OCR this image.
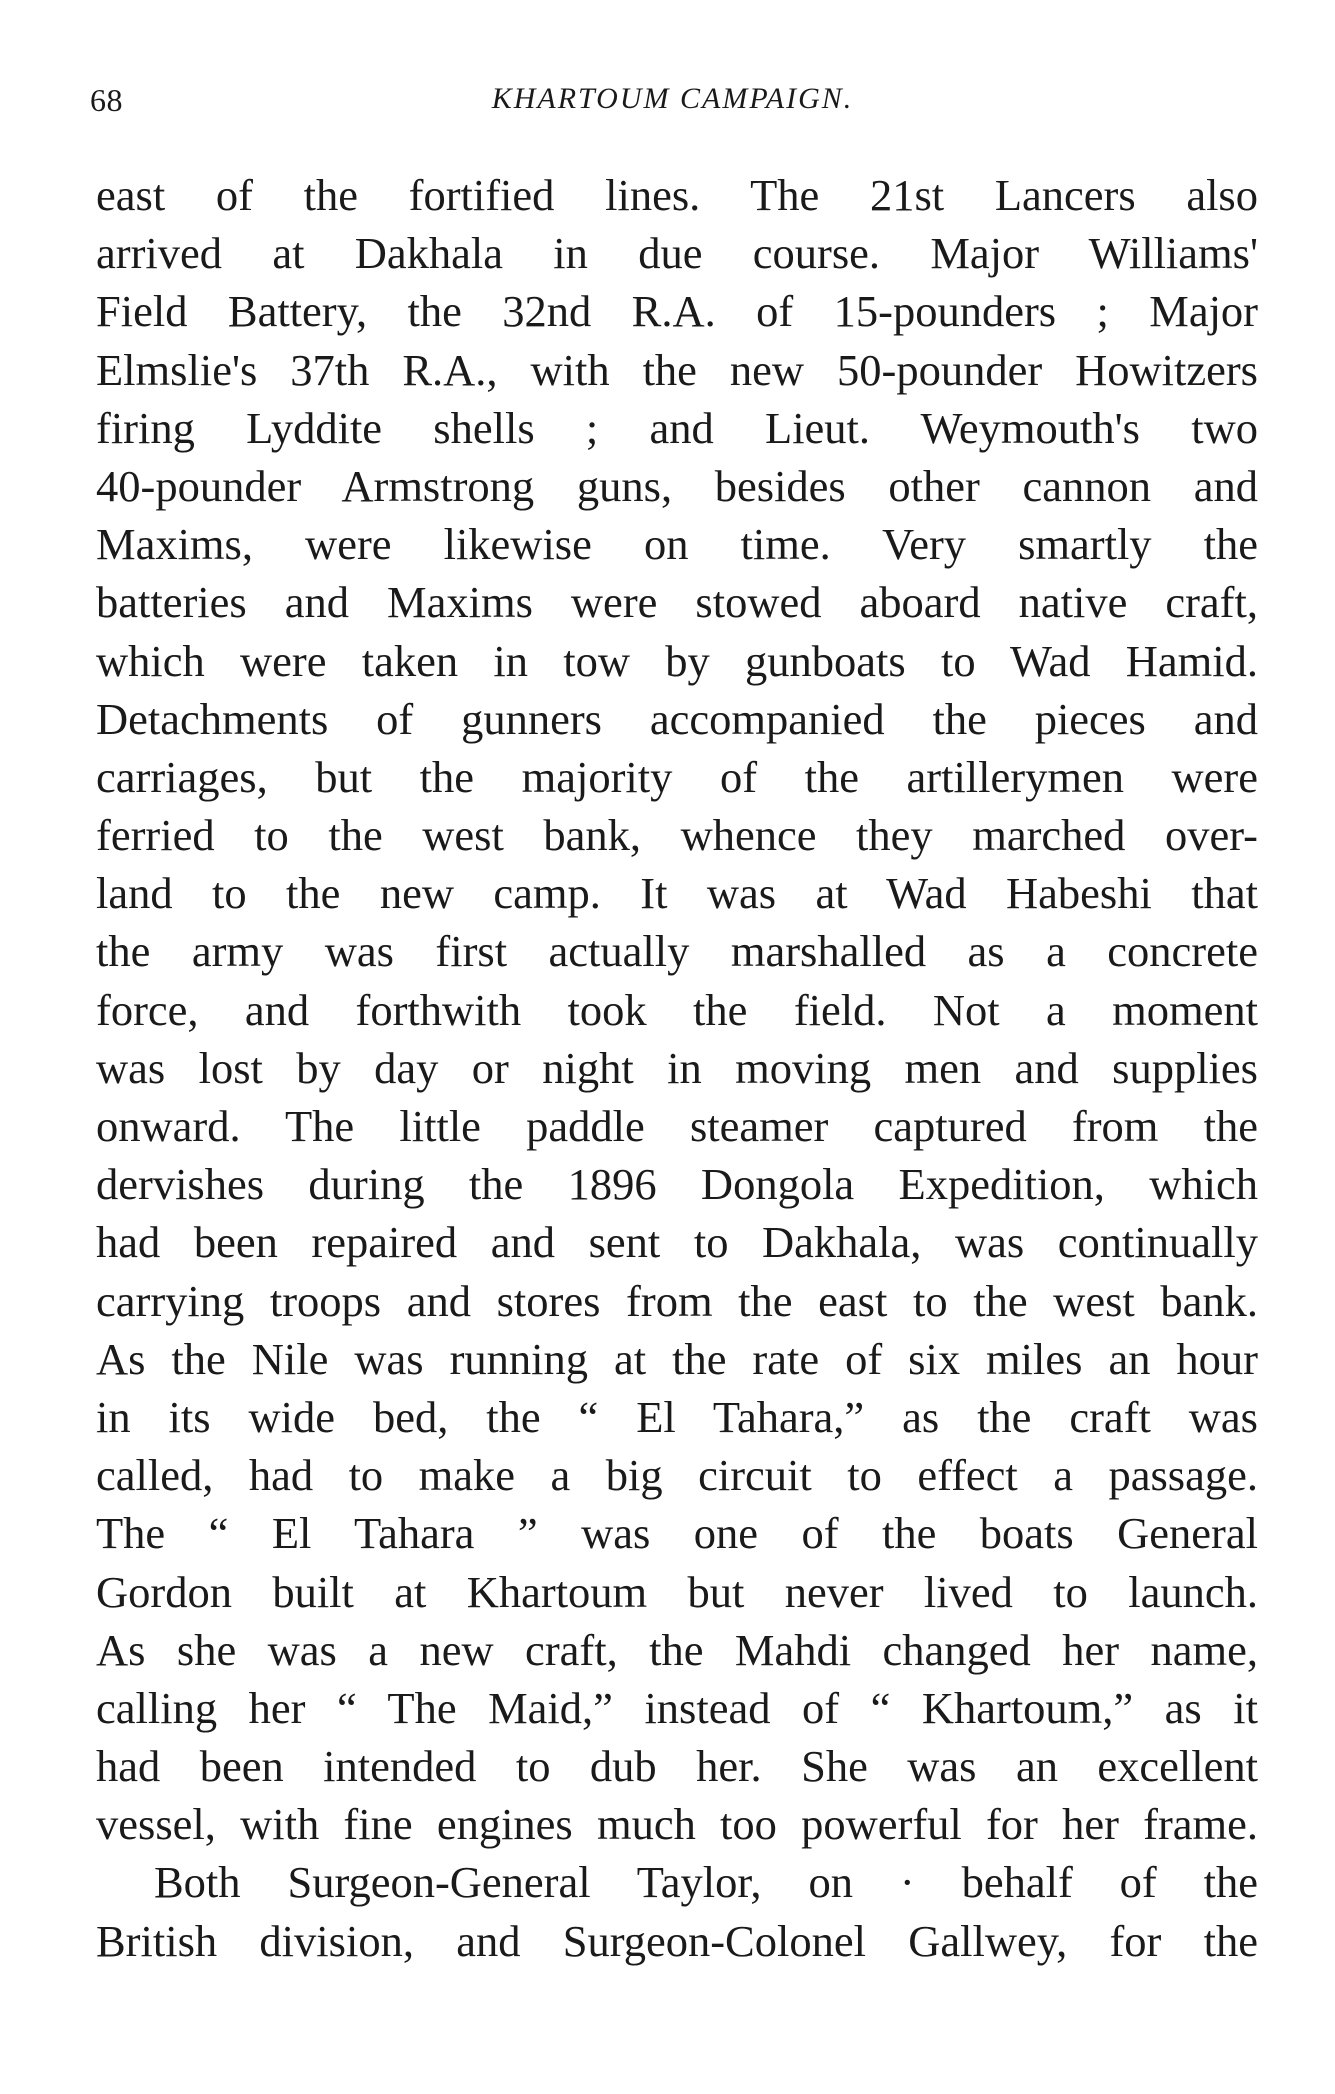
68	KHARTOUM CAMPAIGN.
east of the fortified lines. The 21st Lancers also
arrived at Dakhala in due course. Major Williams'
Field Battery, the 32nd R.A. of 15-pounders ; Major
Elmslie's 37th R.A., with the new 50-pounder Howitzers
firing Lyddite shells ; and Lieut. Weymouth's two
40-pounder Armstrong guns, besides other cannon and
Maxims, were likewise on time. Very smartly the
batteries and Maxims were stowed aboard native craft,
which were taken in tow by gunboats to Wad Hamid.
Detachments of gunners accompanied the pieces and
carriages, but the majority of the artillerymen were
ferried to the west bank, whence they marched over-
land to the new camp. It was at Wad Habeshi that
the army was first actually marshalled as a concrete
force, and forthwith took the field. Not a moment
was lost by day or night in moving men and supplies
onward. The little paddle steamer captured from the
dervishes during the 1896 Dongola Expedition, which
had been repaired and sent to Dakhala, was continually
carrying troops and stores from the east to the west bank.
As the Nile was running at the rate of six miles an hour
in its wide bed, the “ El Tahara,” as the craft was
called, had to make a big circuit to effect a passage.
The “ El Tahara ” was one of the boats General
Gordon built at Khartoum but never lived to launch.
As she was a new craft, the Mahdi changed her name,
calling her “ The Maid,” instead of “ Khartoum,” as it
had been intended to dub her. She was an excellent
vessel, with fine engines much too powerful for her frame.
Both Surgeon-General Taylor, on · behalf of the
British division, and Surgeon-Colonel Gallwey, for the
